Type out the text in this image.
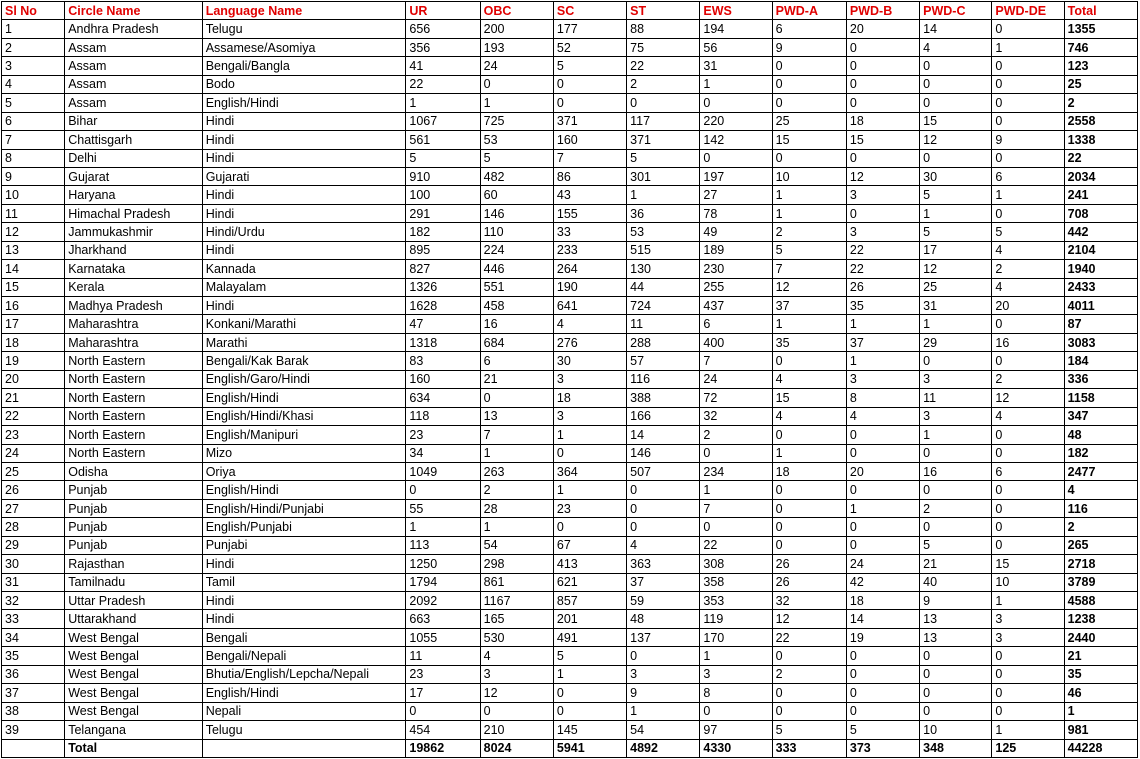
Sl No	Circle Name	Language Name	UR	OBC	SC	ST	EWS	PWD-A	PWD-B	PWD-C	PWD-DE	Total
1	Andhra Pradesh	Telugu	656	200	177	88	194	6	20	14	0	1355
2	Assam	Assamese/Asomiya	356	193	52	75	56	9	0	4	1	746
3	Assam	Bengali/Bangla	41	24	5	22	31	0	0	0	0	123
4	Assam	Bodo	22	0	0	2	1	0	0	0	0	25
5	Assam	English/Hindi	1	1	0	0	0	0	0	0	0	2
6	Bihar	Hindi	1067	725	371	117	220	25	18	15	0	2558
7	Chattisgarh	Hindi	561	53	160	371	142	15	15	12	9	1338
8	Delhi	Hindi	5	5	7	5	0	0	0	0	0	22
9	Gujarat	Gujarati	910	482	86	301	197	10	12	30	6	2034
10	Haryana	Hindi	100	60	43	1	27	1	3	5	1	241
11	Himachal Pradesh	Hindi	291	146	155	36	78	1	0	1	0	708
12	Jammukashmir	Hindi/Urdu	182	110	33	53	49	2	3	5	5	442
13	Jharkhand	Hindi	895	224	233	515	189	5	22	17	4	2104
14	Karnataka	Kannada	827	446	264	130	230	7	22	12	2	1940
15	Kerala	Malayalam	1326	551	190	44	255	12	26	25	4	2433
16	Madhya Pradesh	Hindi	1628	458	641	724	437	37	35	31	20	4011
17	Maharashtra	Konkani/Marathi	47	16	4	11	6	1	1	1	0	87
18	Maharashtra	Marathi	1318	684	276	288	400	35	37	29	16	3083
19	North Eastern	Bengali/Kak Barak	83	6	30	57	7	0	1	0	0	184
20	North Eastern	English/Garo/Hindi	160	21	3	116	24	4	3	3	2	336
21	North Eastern	English/Hindi	634	0	18	388	72	15	8	11	12	1158
22	North Eastern	English/Hindi/Khasi	118	13	3	166	32	4	4	3	4	347
23	North Eastern	English/Manipuri	23	7	1	14	2	0	0	1	0	48
24	North Eastern	Mizo	34	1	0	146	0	1	0	0	0	182
25	Odisha	Oriya	1049	263	364	507	234	18	20	16	6	2477
26	Punjab	English/Hindi	0	2	1	0	1	0	0	0	0	4
27	Punjab	English/Hindi/Punjabi	55	28	23	0	7	0	1	2	0	116
28	Punjab	English/Punjabi	1	1	0	0	0	0	0	0	0	2
29	Punjab	Punjabi	113	54	67	4	22	0	0	5	0	265
30	Rajasthan	Hindi	1250	298	413	363	308	26	24	21	15	2718
31	Tamilnadu	Tamil	1794	861	621	37	358	26	42	40	10	3789
32	Uttar Pradesh	Hindi	2092	1167	857	59	353	32	18	9	1	4588
33	Uttarakhand	Hindi	663	165	201	48	119	12	14	13	3	1238
34	West Bengal	Bengali	1055	530	491	137	170	22	19	13	3	2440
35	West Bengal	Bengali/Nepali	11	4	5	0	1	0	0	0	0	21
36	West Bengal	Bhutia/English/Lepcha/Nepali	23	3	1	3	3	2	0	0	0	35
37	West Bengal	English/Hindi	17	12	0	9	8	0	0	0	0	46
38	West Bengal	Nepali	0	0	0	1	0	0	0	0	0	1
39	Telangana	Telugu	454	210	145	54	97	5	5	10	1	981
	Total		19862	8024	5941	4892	4330	333	373	348	125	44228
